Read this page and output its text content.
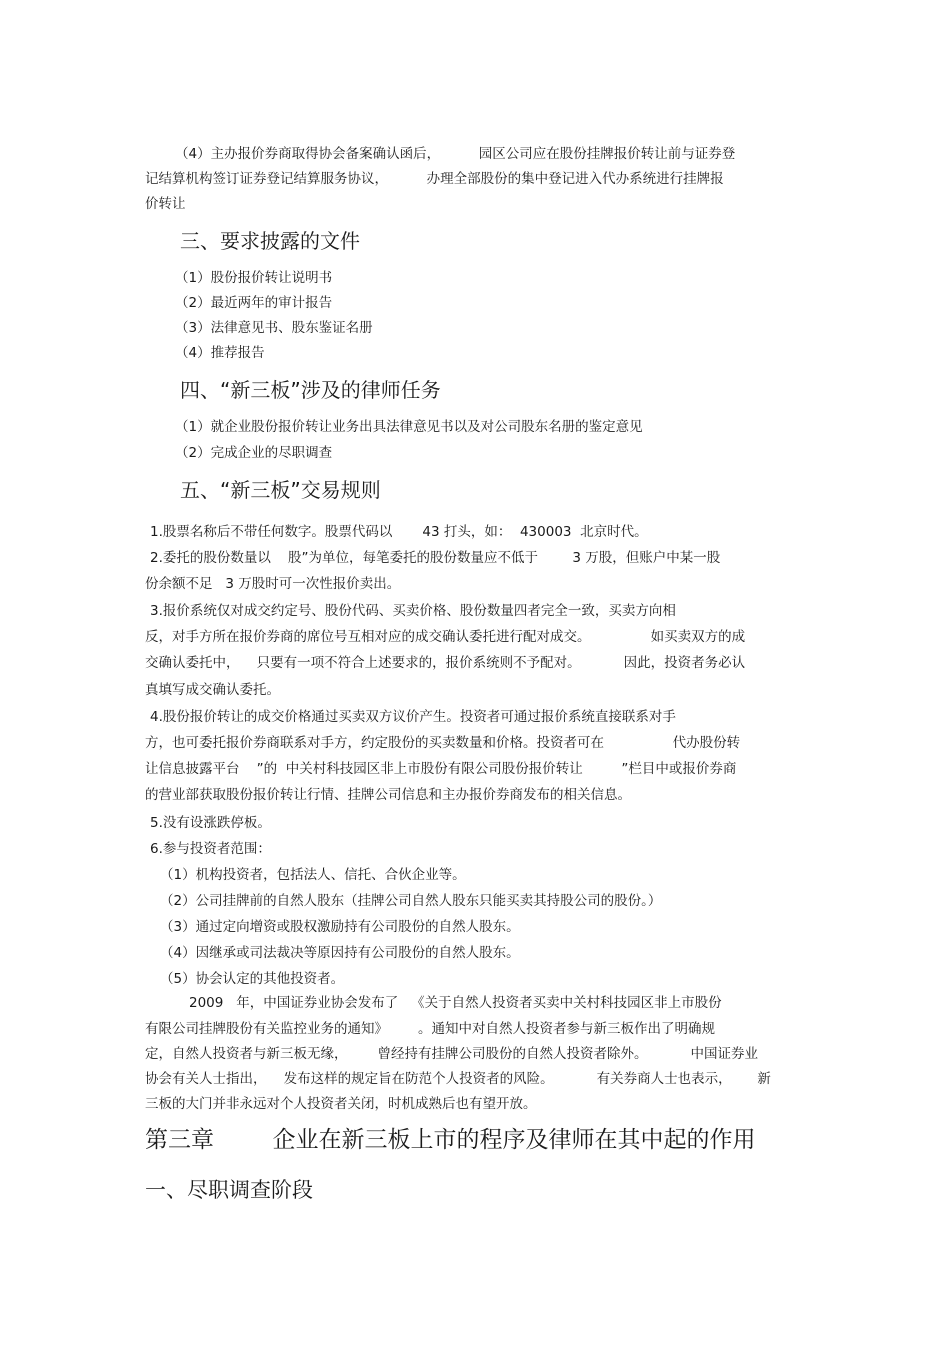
（4）主办报价券商取得协会备案确认函后，         园区公司应在股份挂牌报价转让前与证券登
记结算机构签订证券登记结算服务协议，         办理全部股份的集中登记进入代办系统进行挂牌报
价转让
三、要求披露的文件
（1）股份报价转让说明书
（2）最近两年的审计报告
（3）法律意见书、股东鉴证名册
（4）推荐报告
四、“新三板”涉及的律师任务
（1）就企业股份报价转让业务出具法律意见书以及对公司股东名册的鉴定意见
（2）完成企业的尽职调查
五、“新三板”交易规则
1.股票名称后不带任何数字。股票代码以       43 打头，如：  430003  北京时代。
2.委托的股份数量以    股”为单位，每笔委托的股份数量应不低于        3 万股，但账户中某一股
份余额不足   3 万股时可一次性报价卖出。
3.报价系统仅对成交约定号、股份代码、买卖价格、股份数量四者完全一致，买卖方向相
反，对手方所在报价券商的席位号互相对应的成交确认委托进行配对成交。              如买卖双方的成
交确认委托中，    只要有一项不符合上述要求的，报价系统则不予配对。          因此，投资者务必认
真填写成交确认委托。
4.股份报价转让的成交价格通过买卖双方议价产生。投资者可通过报价系统直接联系对手
方，也可委托报价券商联系对手方，约定股份的买卖数量和价格。投资者可在                代办股份转
让信息披露平台    ”的  中关村科技园区非上市股份有限公司股份报价转让         ”栏目中或报价券商
的营业部获取股份报价转让行情、挂牌公司信息和主办报价券商发布的相关信息。
5.没有设涨跌停板。
6.参与投资者范围：
（1）机构投资者，包括法人、信托、合伙企业等。
（2）公司挂牌前的自然人股东（挂牌公司自然人股东只能买卖其持股公司的股份。）
（3）通过定向增资或股权激励持有公司股份的自然人股东。
（4）因继承或司法裁决等原因持有公司股份的自然人股东。
（5）协会认定的其他投资者。
2009   年，中国证券业协会发布了   《关于自然人投资者买卖中关村科技园区非上市股份
有限公司挂牌股份有关监控业务的通知》       。通知中对自然人投资者参与新三板作出了明确规
定，自然人投资者与新三板无缘，       曾经持有挂牌公司股份的自然人投资者除外。          中国证券业
协会有关人士指出，    发布这样的规定旨在防范个人投资者的风险。          有关券商人士也表示，      新
三板的大门并非永远对个人投资者关闭，时机成熟后也有望开放。
第三章        企业在新三板上市的程序及律师在其中起的作用
一、尽职调查阶段
